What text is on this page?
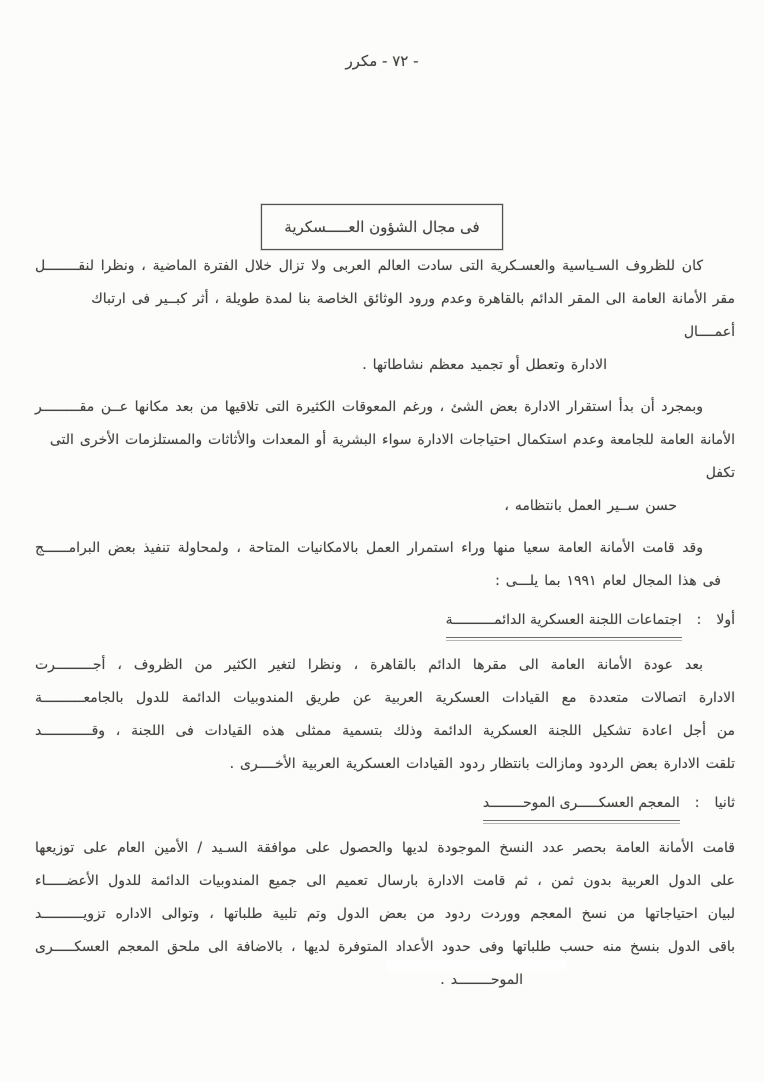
- ٧٢ - مكرر
فى مجال الشؤون العـــــسكرية
كان للظروف السـياسية والعسـكرية التى سادت العالم العربى ولا تزال خلال الفترة الماضية ، ونظرا لنقــــــــل
مقر الأمانة العامة الى المقر الدائم بالقاهرة وعدم ورود الوثائق الخاصة بنا لمدة طويلة ، أثر كبــير فى ارتباك أعمــــال
الادارة وتعطل أو تجميد معظم نشاطاتها .
وبمجرد أن بدأ استقرار الادارة بعض الشئ ، ورغم المعوقات الكثيرة التى تلاقيها من بعد مكانها عــن مقـــــــــر
الأمانة العامة للجامعة وعدم استكمال احتياجات الادارة سواء البشرية أو المعدات والأثاثات والمستلزمات الأخرى التى تكفل
حسن ســير العمل بانتظامه ،
وقد قامت الأمانة العامة سعيا منها وراء استمرار العمل بالامكانيات المتاحة ، ولمحاولة تنفيذ بعض البرامــــــج
فى هذا المجال لعام ١٩٩١ بما يلـــى :
أولا
:
اجتماعات اللجنة العسكرية الدائمــــــــــة
بعد عودة الأمانة العامة الى مقرها الدائم بالقاهرة ، ونظرا لتغير الكثير من الظروف ، أجـــــــــرت
الادارة اتصالات متعددة مع القيادات العسكرية العربية عن طريق المندوبيات الدائمة للدول بالجامعــــــــــة
من أجل اعادة تشكيل اللجنة العسكرية الدائمة وذلك بتسمية ممثلى هذه القيادات فى اللجنة ، وقــــــــــــد
تلقت الادارة بعض الردود ومازالت بانتظار ردود القيادات العسكرية العربية الأخــــرى .
ثانيا
:
المعجم العسكـــــرى الموحــــــــد
قامت الأمانة العامة بحصر عدد النسخ الموجودة لديها والحصول على موافقة السـيد / الأمين العام على توزيعها
على الدول العربية بدون ثمن ، ثم قامت الادارة بارسال تعميم الى جميع المندوبيات الدائمة للدول الأعضـــــاء
لبيان احتياجاتها من نسخ المعجم ووردت ردود من بعض الدول وتم تلبية طلباتها ، وتوالى الاداره تزويــــــــــد
باقى الدول بنسخ منه حسب طلباتها وفى حدود الأعداد المتوفرة لديها ، بالاضافة الى ملحق المعجم العسكـــــرى
الموحــــــــد .
